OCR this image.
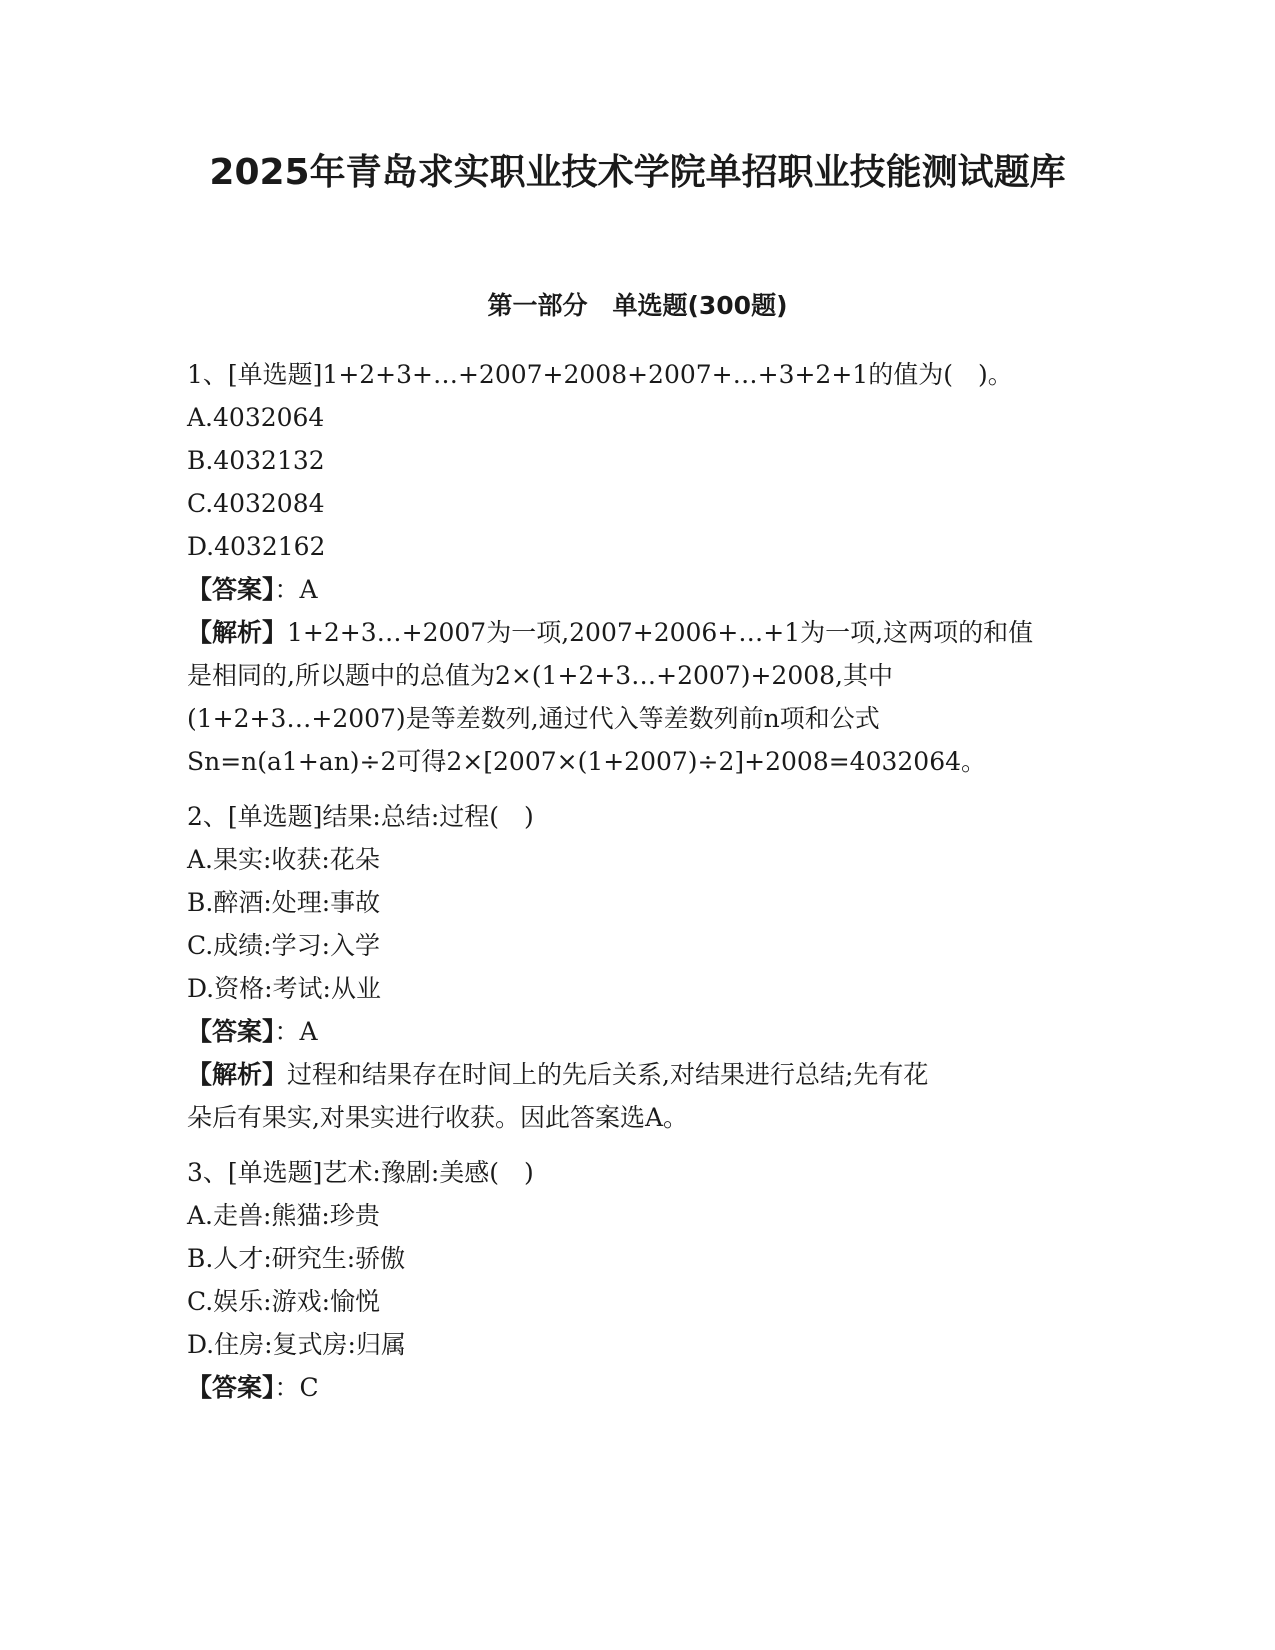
2025年青岛求实职业技术学院单招职业技能测试题库
第一部分　单选题(300题)

1、[单选题]1+2+3+…+2007+2008+2007+…+3+2+1的值为(　)。

A.4032064

B.4032132

C.4032084

D.4032162

【答案】：A

【解析】1+2+3…+2007为一项,2007+2006+…+1为一项,这两项的和值

是相同的,所以题中的总值为2×(1+2+3…+2007)+2008,其中

(1+2+3…+2007)是等差数列,通过代入等差数列前n项和公式

Sn=n(a1+an)÷2可得2×[2007×(1+2007)÷2]+2008=4032064。

2、[单选题]结果:总结:过程(　)

A.果实:收获:花朵

B.醉酒:处理:事故

C.成绩:学习:入学

D.资格:考试:从业

【答案】：A

【解析】过程和结果存在时间上的先后关系,对结果进行总结;先有花

朵后有果实,对果实进行收获。因此答案选A。

3、[单选题]艺术:豫剧:美感(　)

A.走兽:熊猫:珍贵

B.人才:研究生:骄傲

C.娱乐:游戏:愉悦

D.住房:复式房:归属

【答案】：C
